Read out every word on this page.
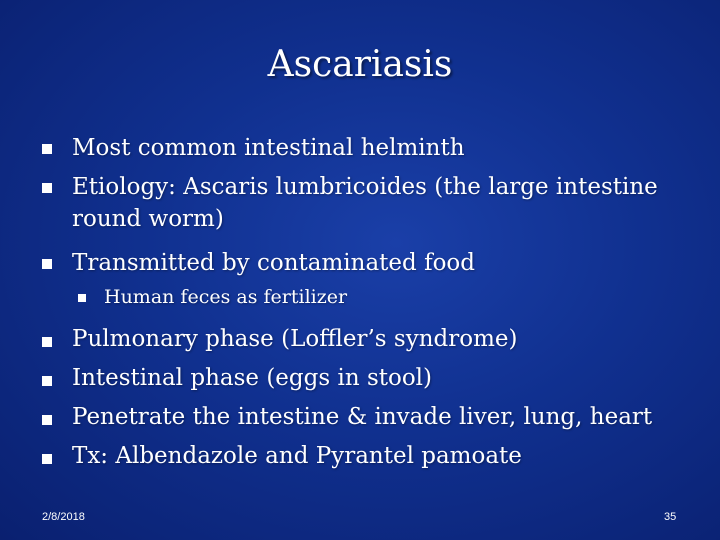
Ascariasis
Most common intestinal helminth
Etiology: Ascaris lumbricoides (the large intestine round worm)
Transmitted by contaminated food
Human feces as fertilizer
Pulmonary phase (Loffler’s syndrome)
Intestinal phase (eggs in stool)
Penetrate the intestine & invade liver, lung, heart
Tx: Albendazole and Pyrantel pamoate
2/8/2018	35
